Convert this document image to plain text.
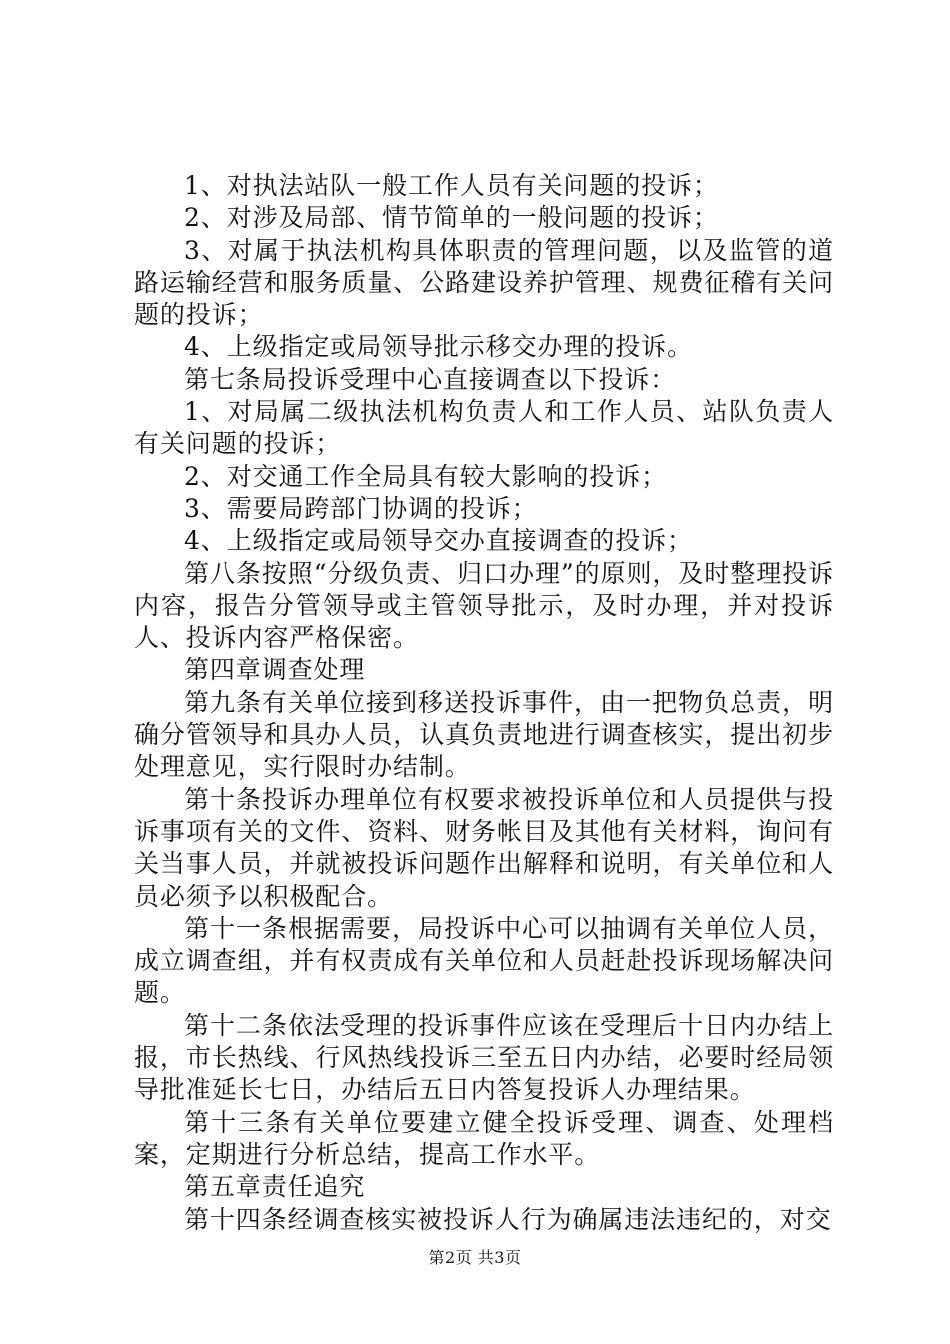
1、对执法站队一般工作人员有关问题的投诉；

2、对涉及局部、情节简单的一般问题的投诉；

3、对属于执法机构具体职责的管理问题，以及监管的道路运输经营和服务质量、公路建设养护管理、规费征稽有关问题的投诉；

4、上级指定或局领导批示移交办理的投诉。

第七条局投诉受理中心直接调查以下投诉：

1、对局属二级执法机构负责人和工作人员、站队负责人有关问题的投诉；

2、对交通工作全局具有较大影响的投诉；

3、需要局跨部门协调的投诉；

4、上级指定或局领导交办直接调查的投诉；

第八条按照“分级负责、归口办理”的原则，及时整理投诉内容，报告分管领导或主管领导批示，及时办理，并对投诉人、投诉内容严格保密。

第四章调查处理

第九条有关单位接到移送投诉事件，由一把物负总责，明确分管领导和具办人员，认真负责地进行调查核实，提出初步处理意见，实行限时办结制。

第十条投诉办理单位有权要求被投诉单位和人员提供与投诉事项有关的文件、资料、财务帐目及其他有关材料，询问有关当事人员，并就被投诉问题作出解释和说明，有关单位和人员必须予以积极配合。

第十一条根据需要，局投诉中心可以抽调有关单位人员，成立调查组，并有权责成有关单位和人员赶赴投诉现场解决问题。

第十二条依法受理的投诉事件应该在受理后十日内办结上报，市长热线、行风热线投诉三至五日内办结，必要时经局领导批准延长七日，办结后五日内答复投诉人办理结果。

第十三条有关单位要建立健全投诉受理、调查、处理档案，定期进行分析总结，提高工作水平。

第五章责任追究

第十四条经调查核实被投诉人行为确属违法违纪的，对交

第2页 共3页
